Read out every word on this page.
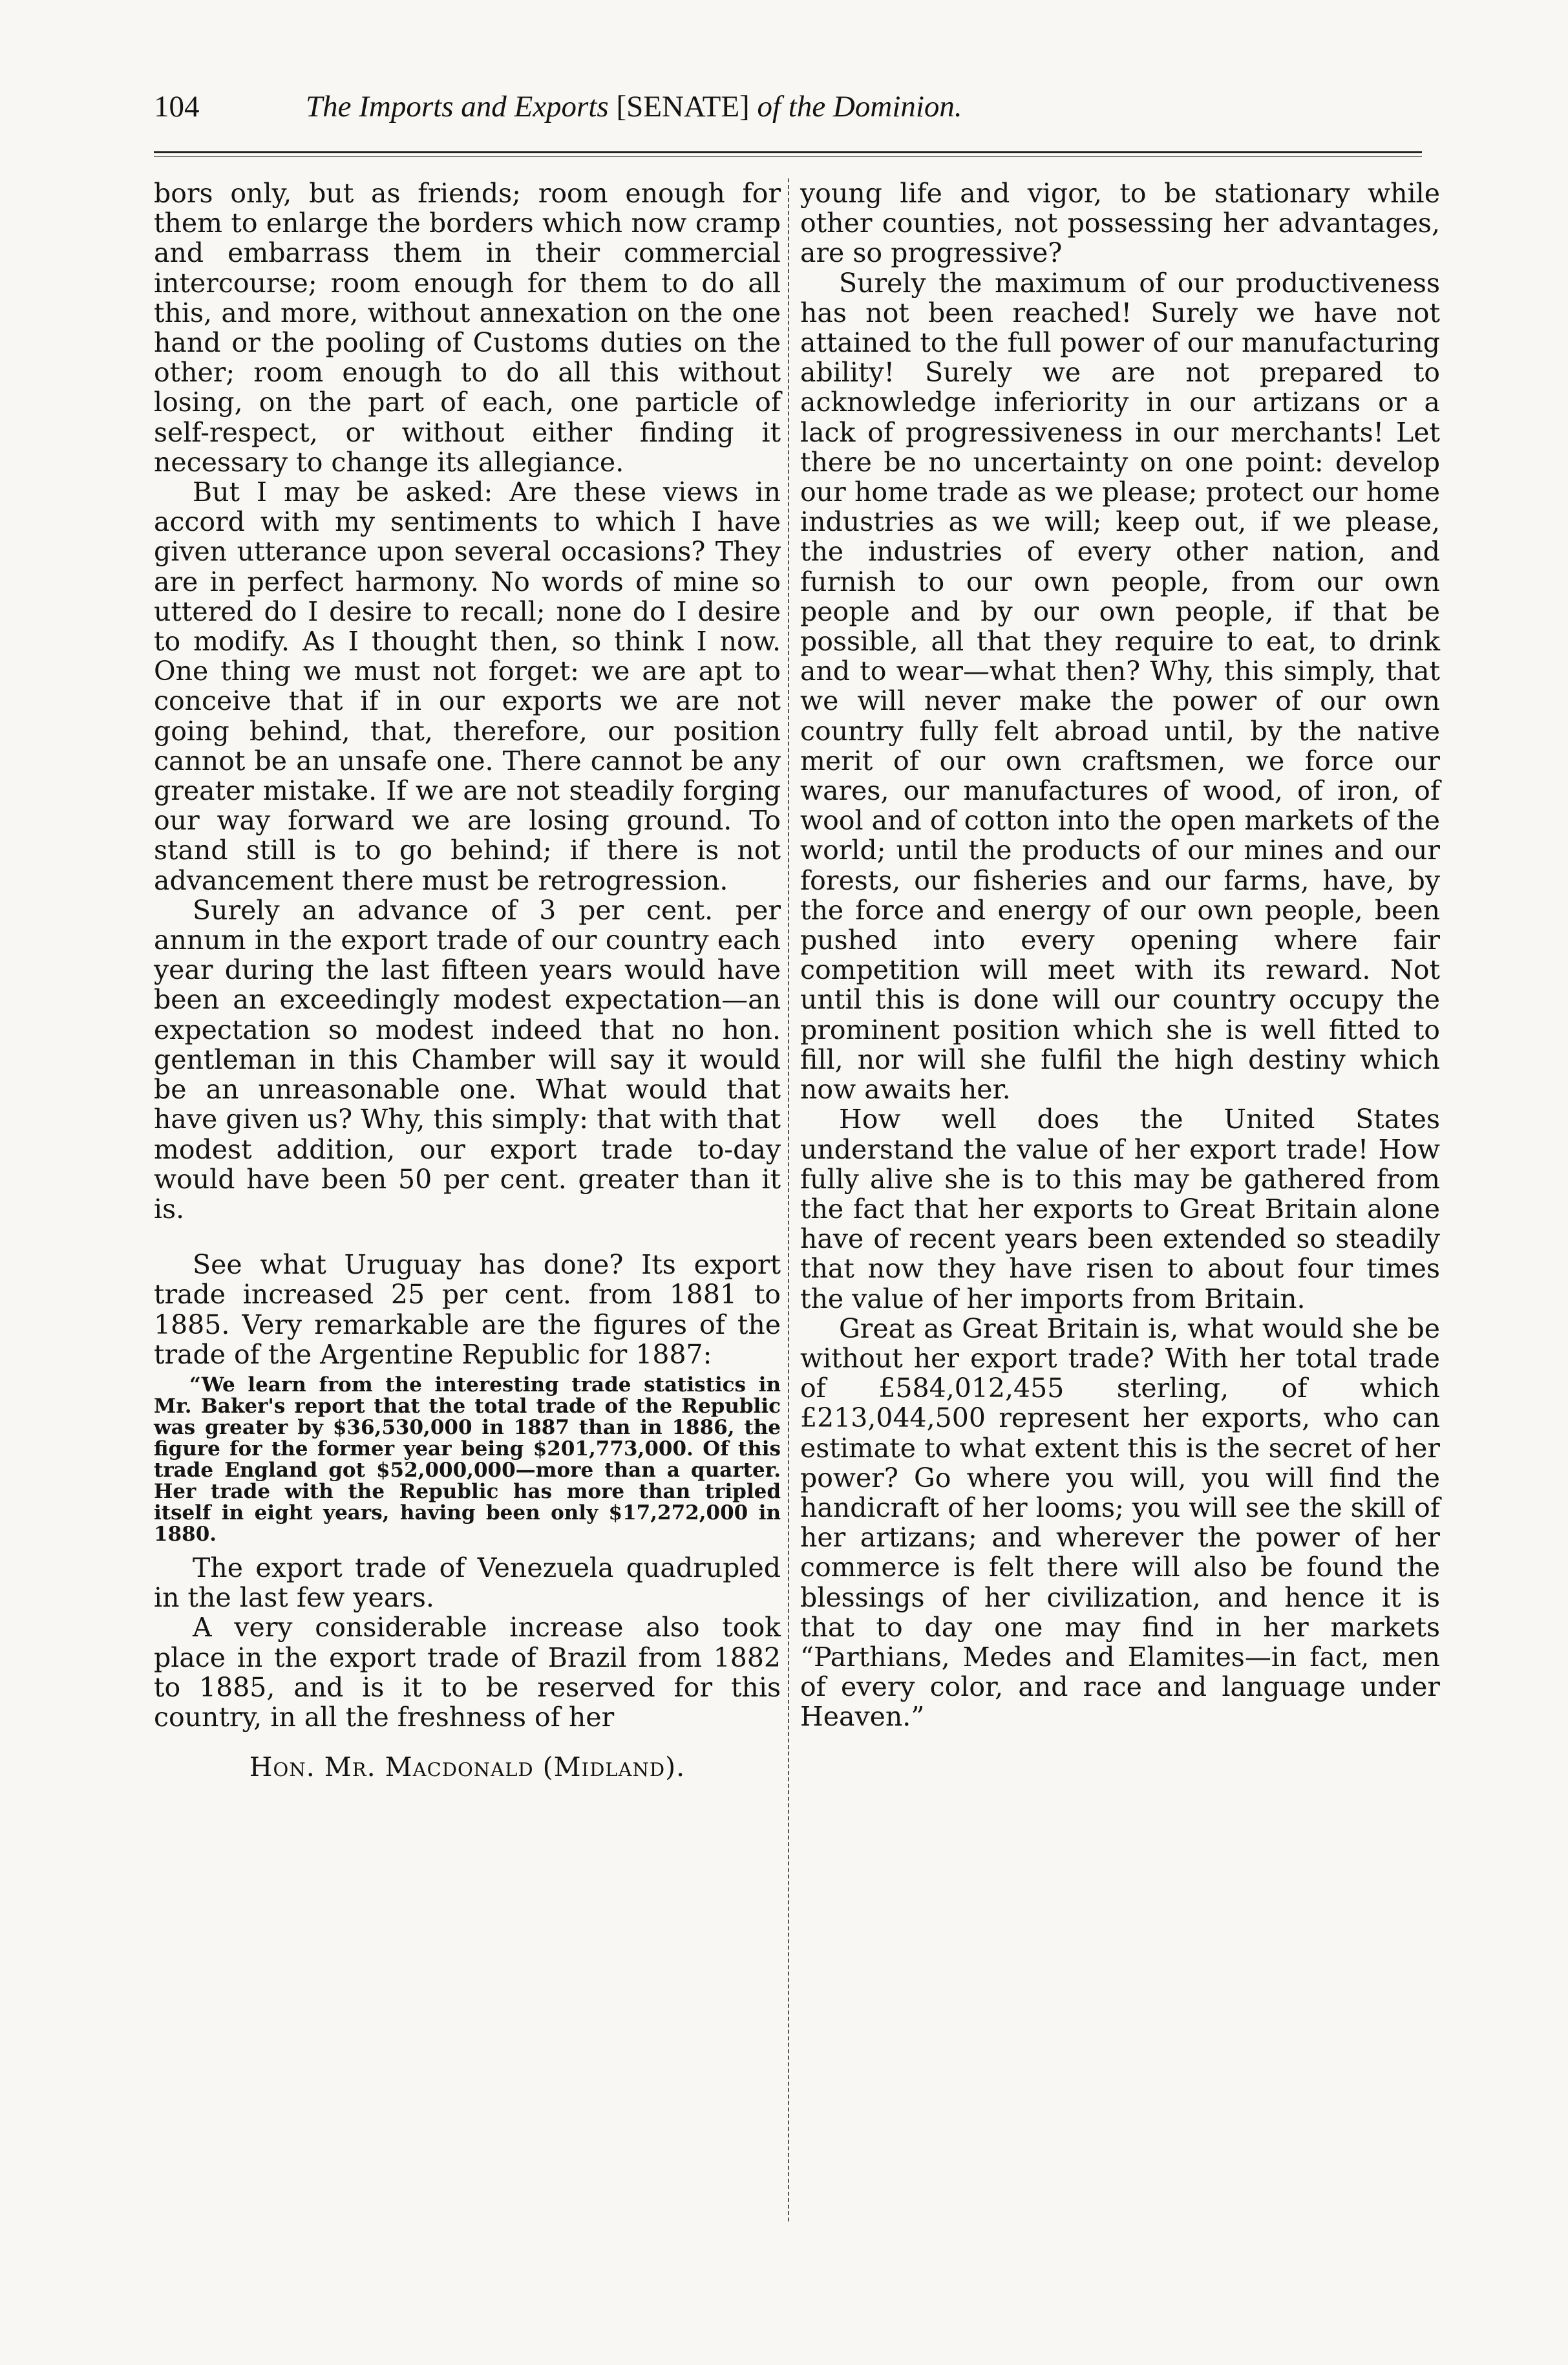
104	The Imports and Exports [SENATE] of the Dominion.

bors only, but as friends; room enough for them to enlarge the borders which now cramp and embarrass them in their commercial intercourse; room enough for them to do all this, and more, without annexation on the one hand or the pooling of Customs duties on the other; room enough to do all this without losing, on the part of each, one particle of self-respect, or without either finding it necessary to change its allegiance.

But I may be asked: Are these views in accord with my sentiments to which I have given utterance upon several occasions? They are in perfect harmony. No words of mine so uttered do I desire to recall; none do I desire to modify. As I thought then, so think I now. One thing we must not forget: we are apt to conceive that if in our exports we are not going behind, that, therefore, our position cannot be an unsafe one. There cannot be any greater mistake. If we are not steadily forging our way forward we are losing ground. To stand still is to go behind; if there is not advancement there must be retrogression.

Surely an advance of 3 per cent. per annum in the export trade of our country each year during the last fifteen years would have been an exceedingly modest expectation—an expectation so modest indeed that no hon. gentleman in this Chamber will say it would be an unreasonable one. What would that have given us? Why, this simply: that with that modest addition, our export trade to-day would have been 50 per cent. greater than it is.

See what Uruguay has done? Its export trade increased 25 per cent. from 1881 to 1885. Very remarkable are the figures of the trade of the Argentine Republic for 1887:

“We learn from the interesting trade statistics in Mr. Baker's report that the total trade of the Republic was greater by $36,530,000 in 1887 than in 1886, the figure for the former year being $201,773,000. Of this trade England got $52,000,000—more than a quarter. Her trade with the Republic has more than tripled itself in eight years, having been only $17,272,000 in 1880.

The export trade of Venezuela quadrupled in the last few years.

A very considerable increase also took place in the export trade of Brazil from 1882 to 1885, and is it to be reserved for this country, in all the freshness of her

Hon. Mr. Macdonald (Midland).

young life and vigor, to be stationary while other counties, not possessing her advantages, are so progressive?

Surely the maximum of our productiveness has not been reached! Surely we have not attained to the full power of our manufacturing ability! Surely we are not prepared to acknowledge inferiority in our artizans or a lack of progressiveness in our merchants! Let there be no uncertainty on one point: develop our home trade as we please; protect our home industries as we will; keep out, if we please, the industries of every other nation, and furnish to our own people, from our own people and by our own people, if that be possible, all that they require to eat, to drink and to wear—what then? Why, this simply, that we will never make the power of our own country fully felt abroad until, by the native merit of our own craftsmen, we force our wares, our manufactures of wood, of iron, of wool and of cotton into the open markets of the world; until the products of our mines and our forests, our fisheries and our farms, have, by the force and energy of our own people, been pushed into every opening where fair competition will meet with its reward. Not until this is done will our country occupy the prominent position which she is well fitted to fill, nor will she fulfil the high destiny which now awaits her.

How well does the United States understand the value of her export trade! How fully alive she is to this may be gathered from the fact that her exports to Great Britain alone have of recent years been extended so steadily that now they have risen to about four times the value of her imports from Britain.

Great as Great Britain is, what would she be without her export trade? With her total trade of £584,012,455 sterling, of which £213,044,500 represent her exports, who can estimate to what extent this is the secret of her power? Go where you will, you will find the handicraft of her looms; you will see the skill of her artizans; and wherever the power of her commerce is felt there will also be found the blessings of her civilization, and hence it is that to day one may find in her markets “Parthians, Medes and Elamites—in fact, men of every color, and race and language under Heaven.”
